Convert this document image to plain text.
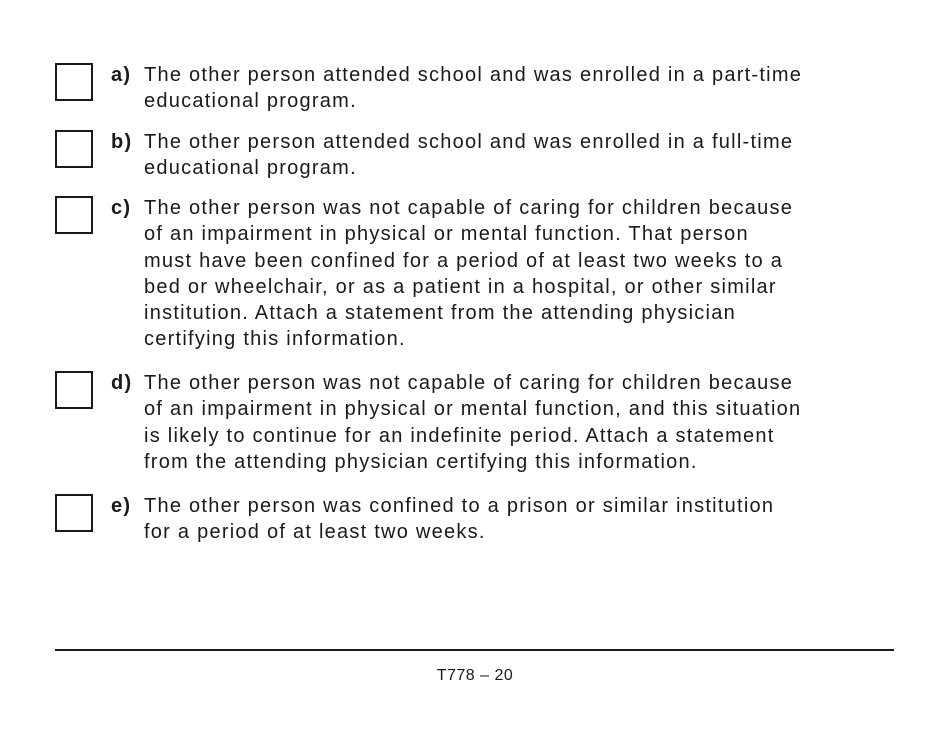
a) The other person attended school and was enrolled in a part-time
educational program.
b) The other person attended school and was enrolled in a full-time
educational program.
c) The other person was not capable of caring for children because
of an impairment in physical or mental function. That person
must have been confined for a period of at least two weeks to a
bed or wheelchair, or as a patient in a hospital, or other similar
institution. Attach a statement from the attending physician
certifying this information.
d) The other person was not capable of caring for children because
of an impairment in physical or mental function, and this situation
is likely to continue for an indefinite period. Attach a statement
from the attending physician certifying this information.
e) The other person was confined to a prison or similar institution
for a period of at least two weeks.
T778 – 20
